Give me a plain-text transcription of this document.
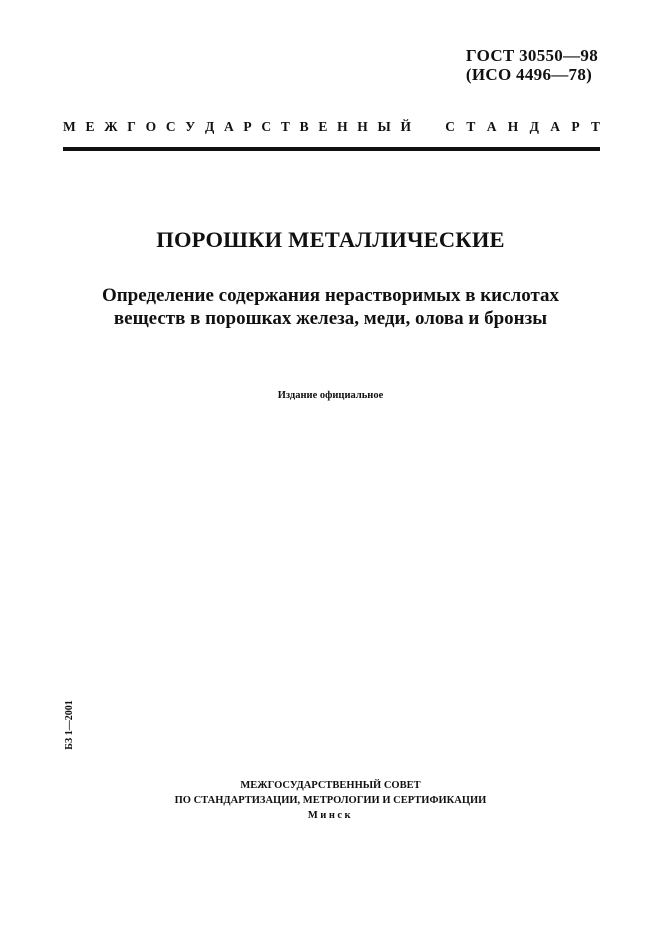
ГОСТ 30550—98
(ИСО 4496—78)
М Е Ж Г О С У Д А Р С Т В Е Н Н Ы Й	С Т А Н Д А Р Т
ПОРОШКИ МЕТАЛЛИЧЕСКИЕ
Определение содержания нерастворимых в кислотах
веществ в порошках железа, меди, олова и бронзы
Издание официальное
БЗ 1—2001
МЕЖГОСУДАРСТВЕННЫЙ СОВЕТ
ПО СТАНДАРТИЗАЦИИ, МЕТРОЛОГИИ И СЕРТИФИКАЦИИ
Минск
